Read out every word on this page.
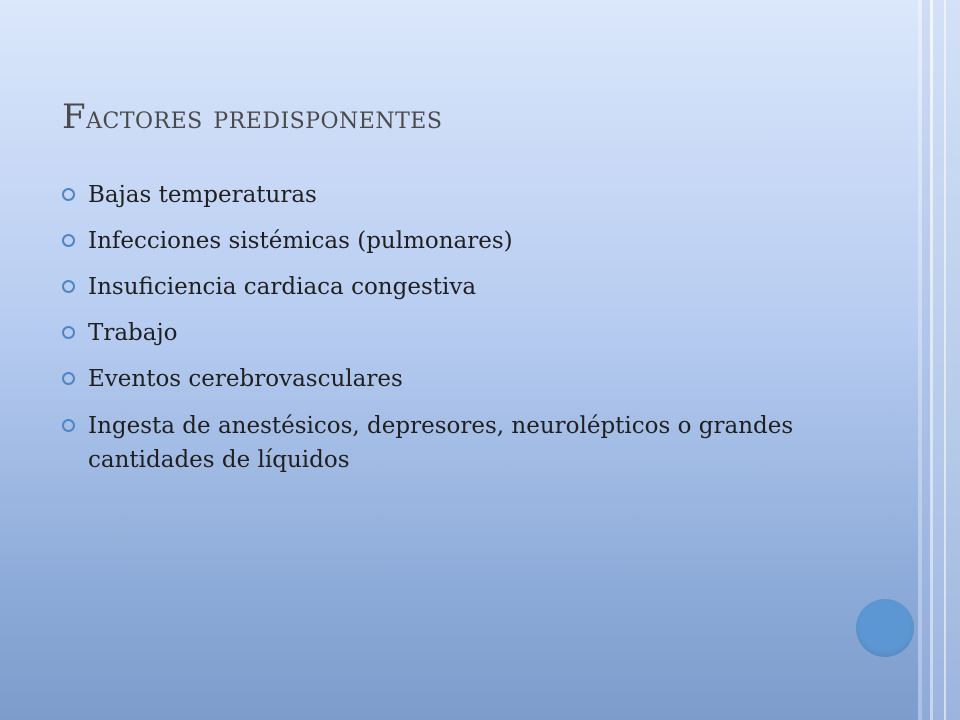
Factores predisponentes
Bajas temperaturas
Infecciones sistémicas (pulmonares)
Insuficiencia cardiaca congestiva
Trabajo
Eventos cerebrovasculares
Ingesta de anestésicos, depresores, neurolépticos o grandes cantidades de líquidos
